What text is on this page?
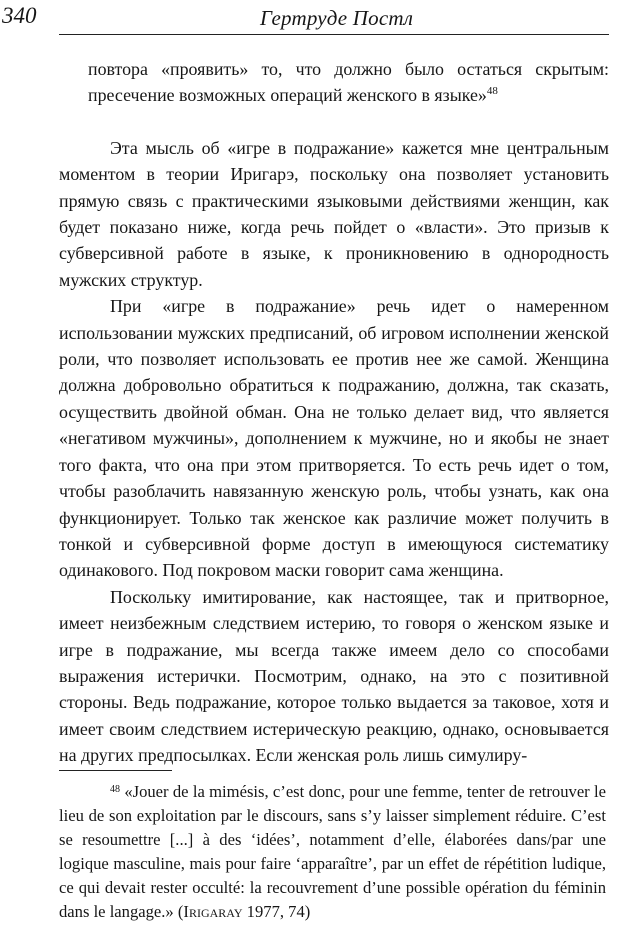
340	Гертруде Постл

повтора «проявить» то, что должно было остаться скрытым: пресечение возможных операций женского в языке»$^{48}$

Эта мысль об «игре в подражание» кажется мне центральным моментом в теории Иригарэ, поскольку она позволяет установить прямую связь с практическими языковыми действиями женщин, как будет показано ниже, когда речь пойдет о «власти». Это призыв к субверсивной работе в языке, к проникновению в однородность мужских структур.

При «игре в подражание» речь идет о намеренном использовании мужских предписаний, об игровом исполнении женской роли, что позволяет использовать ее против нее же самой. Женщина должна добровольно обратиться к подражанию, должна, так сказать, осуществить двойной обман. Она не только делает вид, что является «негативом мужчины», дополнением к мужчине, но и якобы не знает того факта, что она при этом притворяется. То есть речь идет о том, чтобы разоблачить навязанную женскую роль, чтобы узнать, как она функционирует. Только так женское как различие может получить в тонкой и субверсивной форме доступ в имеющуюся систематику одинакового. Под покровом маски говорит сама женщина.

Поскольку имитирование, как настоящее, так и притворное, имеет неизбежным следствием истерию, то говоря о женском языке и игре в подражание, мы всегда также имеем дело со способами выражения истерички. Посмотрим, однако, на это с позитивной стороны. Ведь подражание, которое только выдается за таковое, хотя и имеет своим следствием истерическую реакцию, однако, основывается на других предпосылках. Если женская роль лишь симулиру-

$^{48}$ «Jouer de la mimésis, c’est donc, pour une femme, tenter de retrouver le lieu de son exploitation par le discours, sans s’y laisser simplement réduire. C’est se resoumettre [...] à des ‘idées’, notamment d’elle, élaborées dans/par une logique masculine, mais pour faire ‘apparaître’, par un effet de répétition ludique, ce qui devait rester occulté: la recouvrement d’une possible opération du féminin dans le langage.» (Irigaray 1977, 74)
